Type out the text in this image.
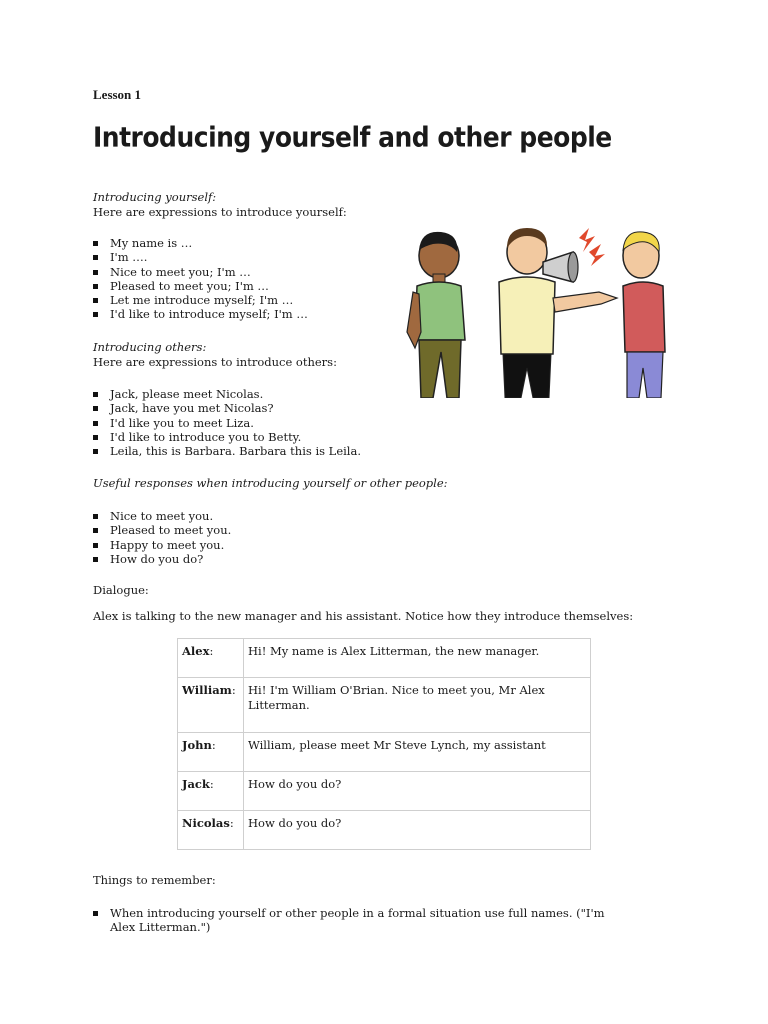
Lesson 1
Introducing yourself and other people
Introducing yourself:
Here are expressions to introduce yourself:
My name is …
I'm ….
Nice to meet you; I'm …
Pleased to meet you; I'm …
Let me introduce myself; I'm …
I'd like to introduce myself; I'm …
Introducing others:
Here are expressions to introduce others:
Jack, please meet Nicolas.
Jack, have you met Nicolas?
I'd like you to meet Liza.
I'd like to introduce you to Betty.
Leila, this is Barbara. Barbara this is Leila.
Useful responses when introducing yourself or other people:
Nice to meet you.
Pleased to meet you.
Happy to meet you.
How do you do?
Dialogue:
Alex is talking to the new manager and his assistant. Notice how they introduce themselves:
Alex:	Hi! My name is Alex Litterman, the new manager.
William:	Hi! I'm William O'Brian. Nice to meet you, Mr Alex Litterman.
John:	William, please meet Mr Steve Lynch, my assistant
Jack:	How do you do?
Nicolas:	How do you do?
Things to remember:
When introducing yourself or other people in a formal situation use full names. ("I'm
Alex Litterman.")
